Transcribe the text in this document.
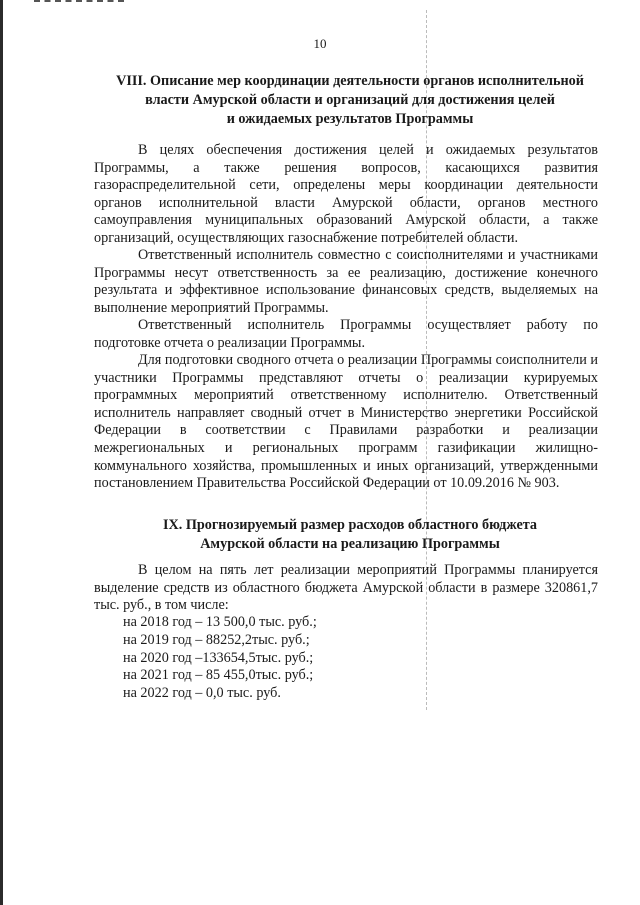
10
VIII. Описание мер координации деятельности органов исполнительной
власти Амурской области и организаций для достижения целей
и ожидаемых результатов Программы

В целях обеспечения достижения целей и ожидаемых результатов Программы, а также решения вопросов, касающихся развития газораспределительной сети, определены меры координации деятельности органов исполнительной власти Амурской области, органов местного самоуправления муниципальных образований Амурской области, а также организаций, осуществляющих газоснабжение потребителей области.

Ответственный исполнитель совместно с соисполнителями и участниками Программы несут ответственность за ее реализацию, достижение конечного результата и эффективное использование финансовых средств, выделяемых на выполнение мероприятий Программы.

Ответственный исполнитель Программы осуществляет работу по подготовке отчета о реализации Программы.

Для подготовки сводного отчета о реализации Программы соисполнители и участники Программы представляют отчеты о реализации курируемых программных мероприятий ответственному исполнителю. Ответственный исполнитель направляет сводный отчет в Министерство энергетики Российской Федерации в соответствии с Правилами разработки и реализации межрегиональных и региональных программ газификации жилищно-коммунального хозяйства, промышленных и иных организаций, утвержденными постановлением Правительства Российской Федерации от 10.09.2016 № 903.

IX. Прогнозируемый размер расходов областного бюджета
Амурской области на реализацию Программы

В целом на пять лет реализации мероприятий Программы планируется выделение средств из областного бюджета Амурской области в размере 320861,7 тыс. руб., в том числе:

на 2018 год – 13 500,0 тыс. руб.;
на 2019 год – 88252,2тыс. руб.;
на 2020 год –133654,5тыс. руб.;
на 2021 год – 85 455,0тыс. руб.;
на 2022 год – 0,0 тыс. руб.
